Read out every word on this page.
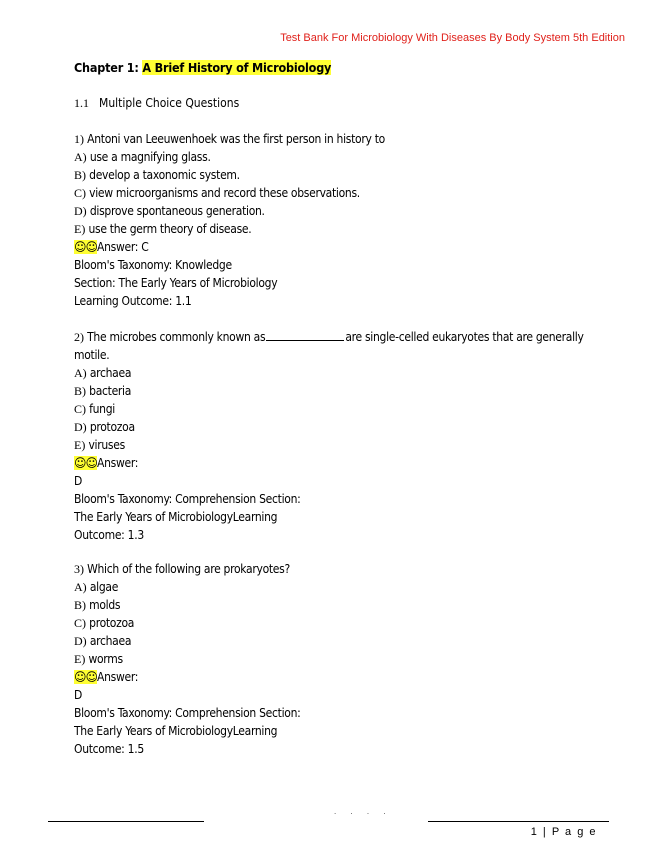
Test Bank For Microbiology With Diseases By Body System 5th Edition
Chapter 1: A Brief History of Microbiology
1.1 Multiple Choice Questions
1) Antoni van Leeuwenhoek was the first person in history to
A) use a magnifying glass.
B) develop a taxonomic system.
C) view microorganisms and record these observations.
D) disprove spontaneous generation.
E) use the germ theory of disease.
☺☺Answer: C
Bloom's Taxonomy: Knowledge
Section: The Early Years of Microbiology
Learning Outcome: 1.1
2) The microbes commonly known as	are single-celled eukaryotes that are generally
motile.
A) archaea
B) bacteria
C) fungi
D) protozoa
E) viruses
☺☺Answer:
D
Bloom's Taxonomy: Comprehension Section:
The Early Years of MicrobiologyLearning
Outcome: 1.3
3) Which of the following are prokaryotes?
A) algae
B) molds
C) protozoa
D) archaea
E) worms
☺☺Answer:
D
Bloom's Taxonomy: Comprehension Section:
The Early Years of MicrobiologyLearning
Outcome: 1.5
· · · ·
1 | P a g e
